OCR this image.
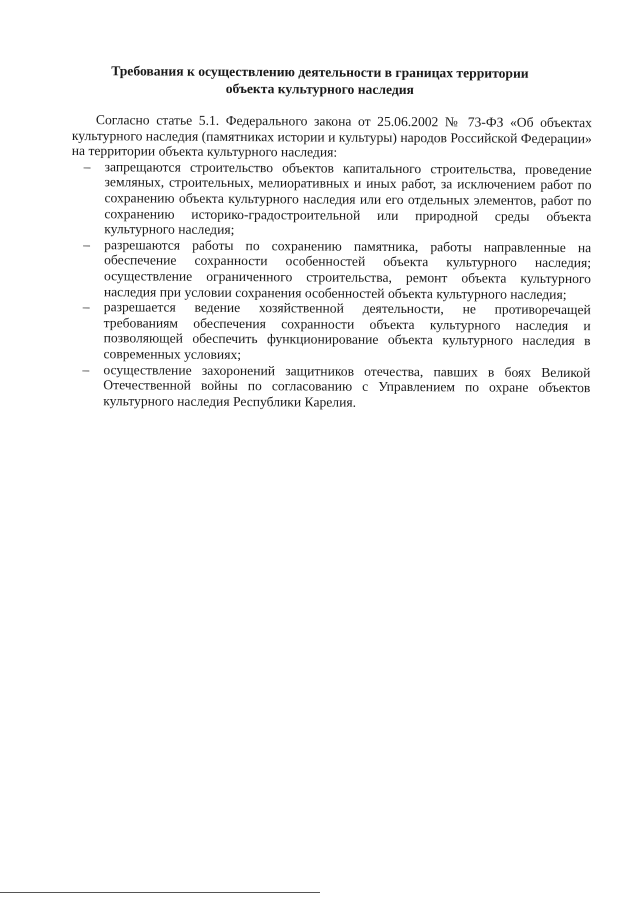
Требования к осуществлению деятельности в границах территории
объекта культурного наследия

Согласно статье 5.1. Федерального закона от 25.06.2002 № 73-ФЗ «Об объектах культурного наследия (памятниках истории и культуры) народов Российской Федерации» на территории объекта культурного наследия:

– запрещаются строительство объектов капитального строительства, проведение земляных, строительных, мелиоративных и иных работ, за исключением работ по сохранению объекта культурного наследия или его отдельных элементов, работ по сохранению историко-градостроительной или природной среды объекта культурного наследия;
– разрешаются работы по сохранению памятника, работы направленные на обеспечение сохранности особенностей объекта культурного наследия; осуществление ограниченного строительства, ремонт объекта культурного наследия при условии сохранения особенностей объекта культурного наследия;
– разрешается ведение хозяйственной деятельности, не противоречащей требованиям обеспечения сохранности объекта культурного наследия и позволяющей обеспечить функционирование объекта культурного наследия в современных условиях;
– осуществление захоронений защитников отечества, павших в боях Великой Отечественной войны по согласованию с Управлением по охране объектов культурного наследия Республики Карелия.
